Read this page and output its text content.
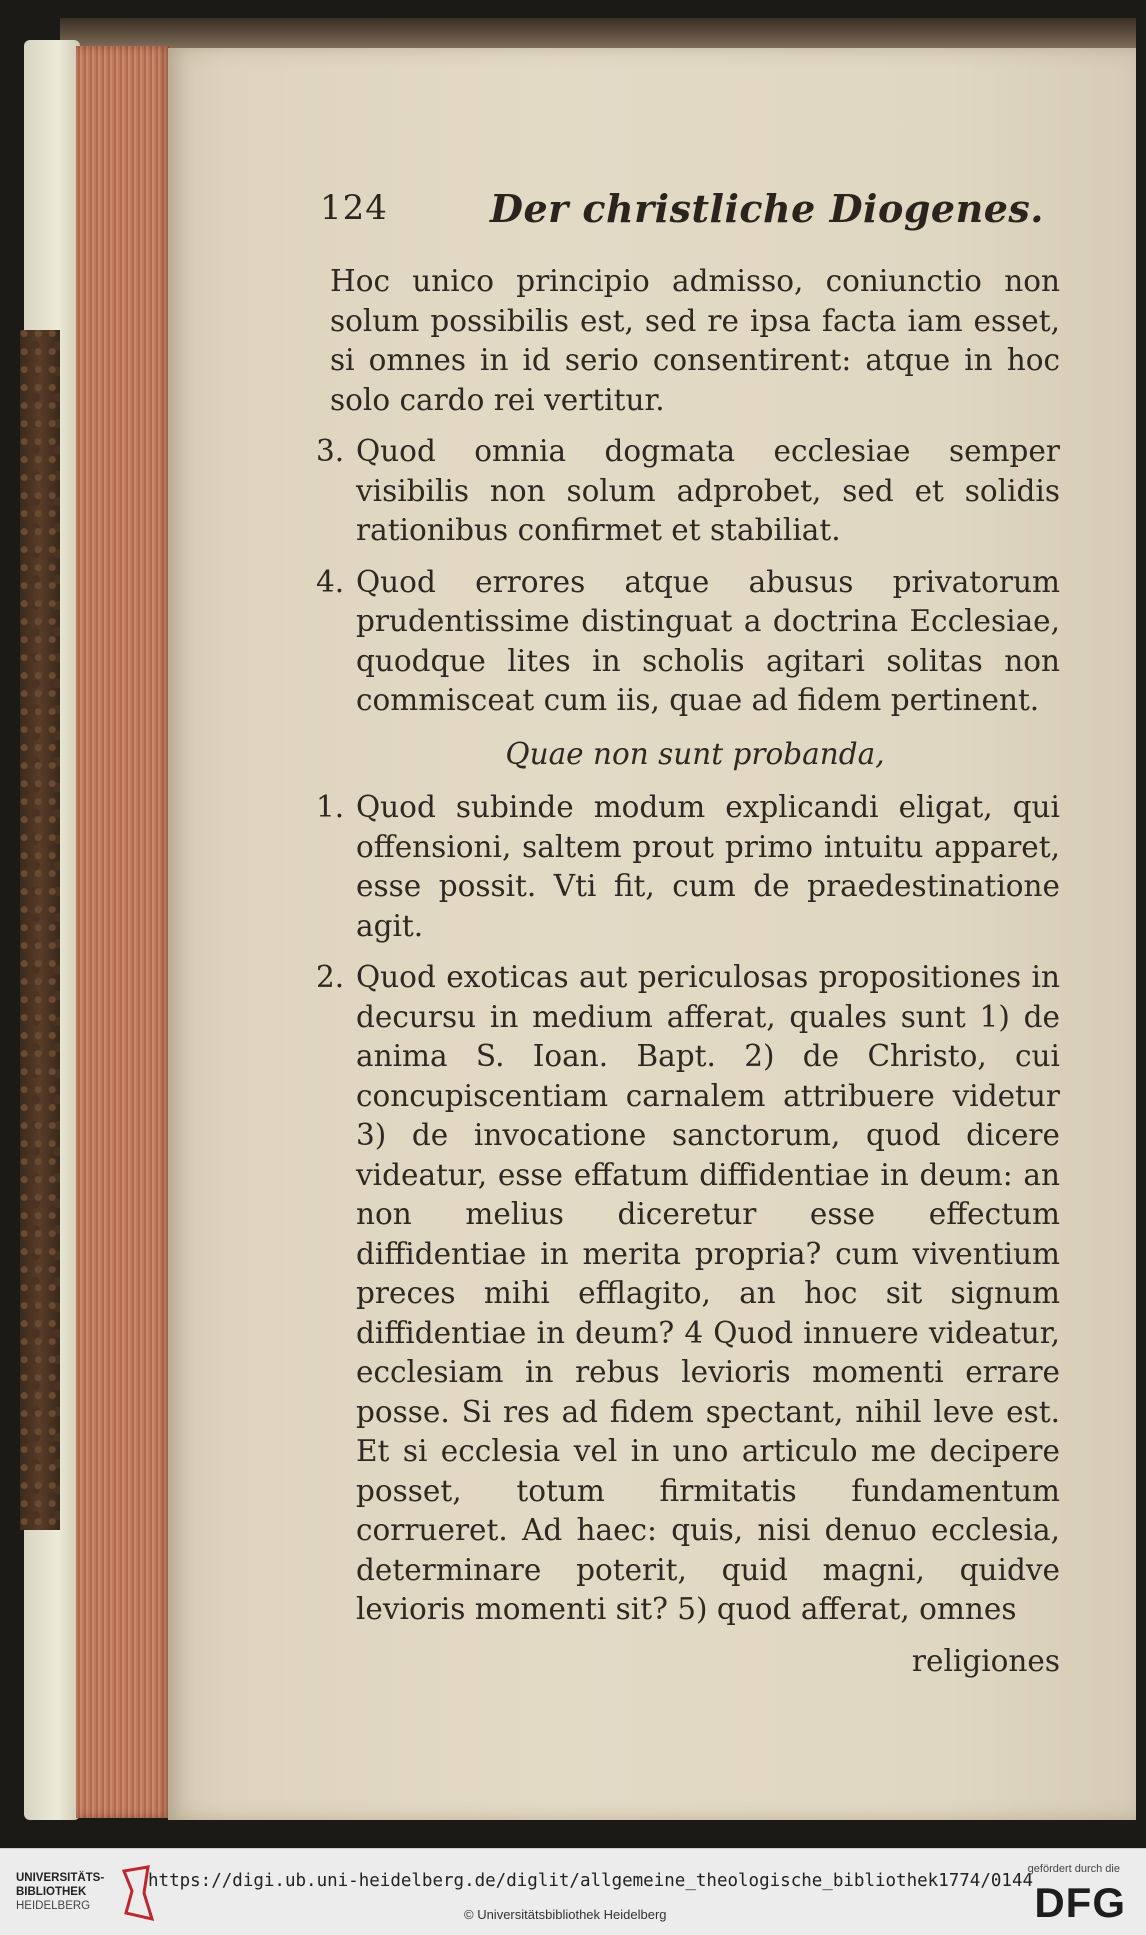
124	Der christliche Diogenes.

Hoc unico principio admisso, coniunctio non solum possibilis est, sed re ipsa facta iam esset, si omnes in id serio consentirent: atque in hoc solo cardo rei vertitur.

3. Quod omnia dogmata ecclesiae semper visibilis non solum adprobet, sed et solidis rationibus confirmet et stabiliat.
4. Quod errores atque abusus privatorum prudentissime distinguat a doctrina Ecclesiae, quodque lites in scholis agitari solitas non commisceat cum iis, quae ad fidem pertinent.
Quae non sunt probanda,
1. Quod subinde modum explicandi eligat, qui offensioni, saltem prout primo intuitu apparet, esse possit. Vti fit, cum de praedestinatione agit.
2. Quod exoticas aut periculosas propositiones in decursu in medium afferat, quales sunt 1) de anima S. Ioan. Bapt. 2) de Christo, cui concupiscentiam carnalem attribuere videtur 3) de invocatione sanctorum, quod dicere videatur, esse effatum diffidentiae in deum: an non melius diceretur esse effectum diffidentiae in merita propria? cum viventium preces mihi efflagito, an hoc sit signum diffidentiae in deum? 4 Quod innuere videatur, ecclesiam in rebus levioris momenti errare posse. Si res ad fidem spectant, nihil leve est. Et si ecclesia vel in uno articulo me decipere posset, totum firmitatis fundamentum corrueret. Ad haec: quis, nisi denuo ecclesia, determinare poterit, quid magni, quidve levioris momenti sit? 5) quod afferat, omnes
religiones
UNIVERSITÄTS-
BIBLIOTHEK
HEIDELBERG
https://digi.ub.uni-heidelberg.de/diglit/allgemeine_theologische_bibliothek1774/0144
© Universitätsbibliothek Heidelberg
gefördert durch die
DFG
